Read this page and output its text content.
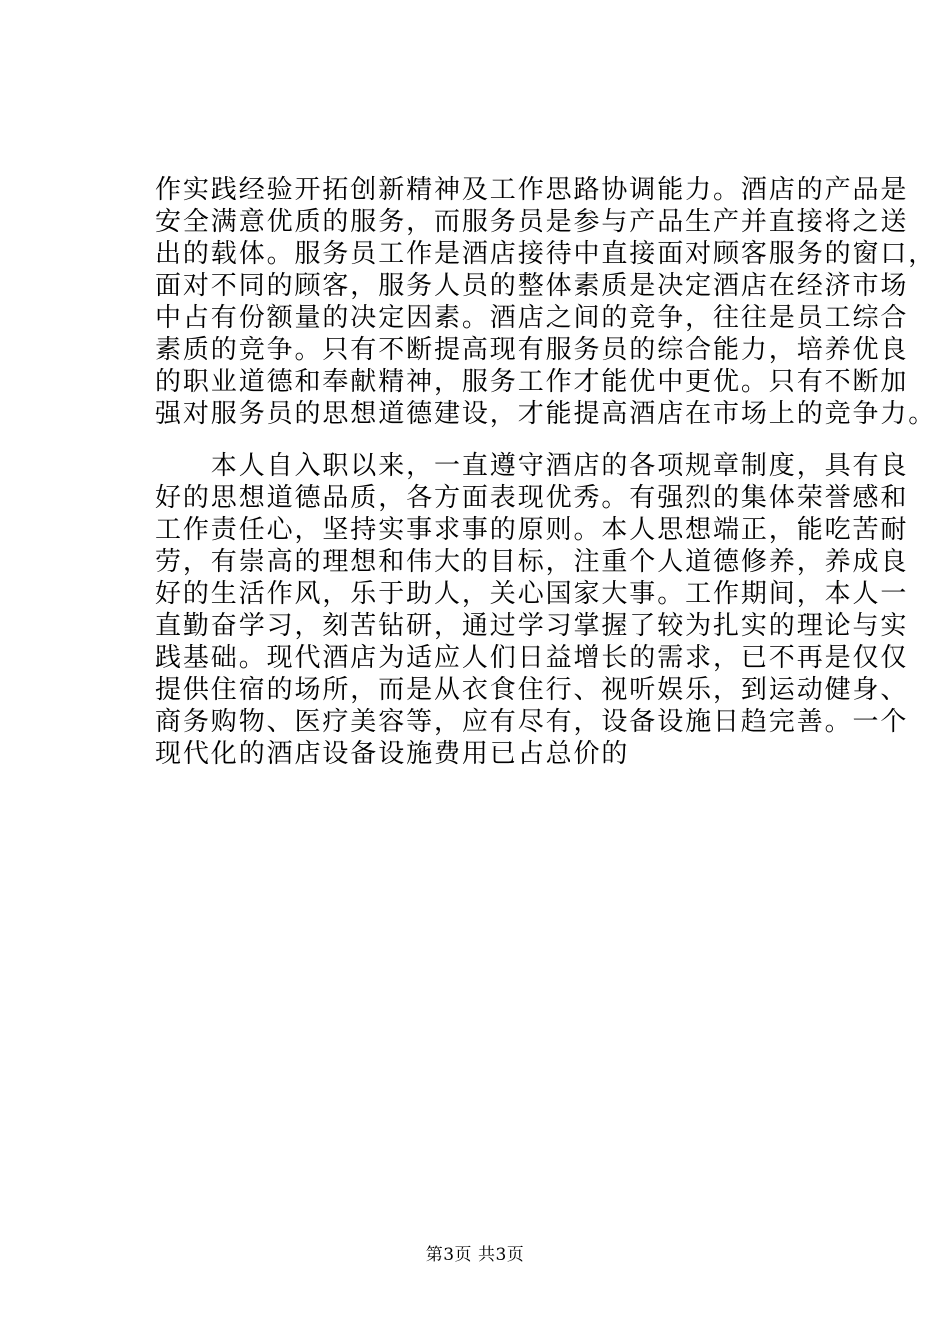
作实践经验开拓创新精神及工作思路协调能力。酒店的产品是
安全满意优质的服务，而服务员是参与产品生产并直接将之送
出的载体。服务员工作是酒店接待中直接面对顾客服务的窗口，
面对不同的顾客，服务人员的整体素质是决定酒店在经济市场
中占有份额量的决定因素。酒店之间的竞争，往往是员工综合
素质的竞争。只有不断提高现有服务员的综合能力，培养优良
的职业道德和奉献精神，服务工作才能优中更优。只有不断加
强对服务员的思想道德建设，才能提高酒店在市场上的竞争力。
　　本人自入职以来，一直遵守酒店的各项规章制度，具有良
好的思想道德品质，各方面表现优秀。有强烈的集体荣誉感和
工作责任心，坚持实事求事的原则。本人思想端正，能吃苦耐
劳，有崇高的理想和伟大的目标，注重个人道德修养，养成良
好的生活作风，乐于助人，关心国家大事。工作期间，本人一
直勤奋学习，刻苦钻研，通过学习掌握了较为扎实的理论与实
践基础。现代酒店为适应人们日益增长的需求，已不再是仅仅
提供住宿的场所，而是从衣食住行、视听娱乐，到运动健身、
商务购物、医疗美容等，应有尽有，设备设施日趋完善。一个
现代化的酒店设备设施费用已占总价的
第3页 共3页
